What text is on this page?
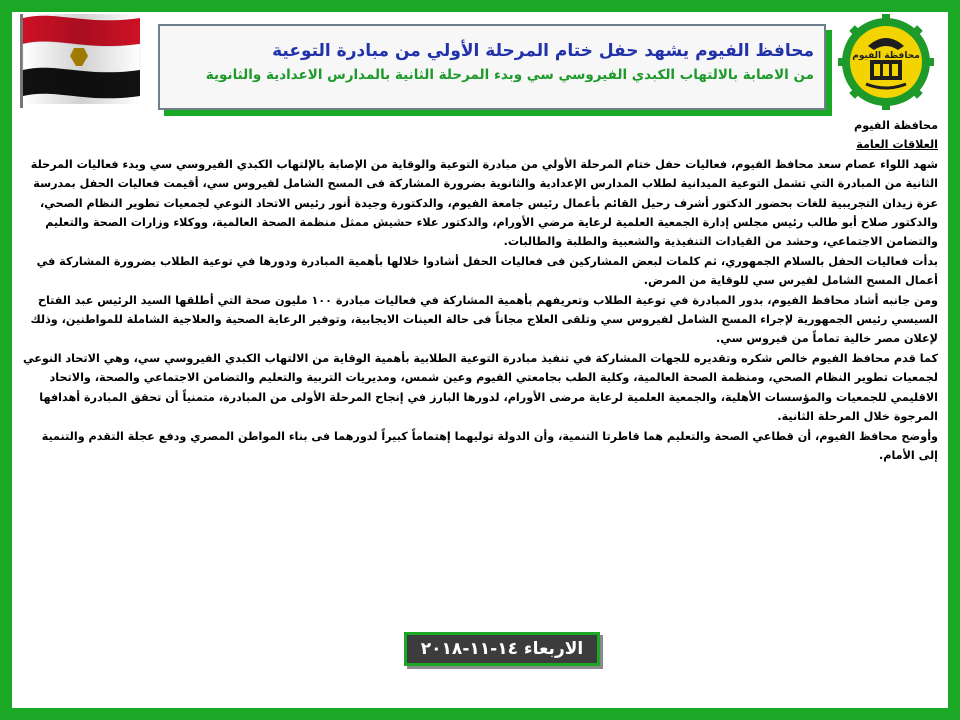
محافظ الفيوم يشهد حفل ختام المرحلة الأولي من مبادرة التوعية
من الاصابة بالالتهاب الكبدي الفيروسي سي وبدء المرحلة الثانية بالمدارس الاعدادية والثانوية
محافظة الفيوم

محافظة الفيوم

العلاقات العامة

شهد اللواء عصام سعد محافظ الفيوم، فعاليات حفل ختام المرحلة الأولي من مبادرة التوعية والوقاية من الإصابة بالإلتهاب الكبدي الفيروسي سي وبدء فعاليات المرحلة الثانية من المبادرة التي تشمل التوعية الميدانية لطلاب المدارس الإعدادية والثانوية بضرورة المشاركة فى المسح الشامل لفيروس سي، أقيمت فعاليات الحفل بمدرسة عزة زيدان التجريبية للغات بحضور الدكتور أشرف رحيل القائم بأعمال رئيس جامعة الفيوم، والدكتورة وجيدة أنور رئيس الاتحاد النوعي لجمعيات تطوير النظام الصحي، والدكتور صلاح أبو طالب رئيس مجلس إدارة الجمعية العلمية لرعاية مرضي الأورام، والدكتور علاء حشيش ممثل منظمة الصحة العالمية، ووكلاء وزارات الصحة والتعليم والتضامن الاجتماعي، وحشد من القيادات التنفيذية والشعبية والطلبة والطالبات.

بدأت فعاليات الحفل بالسلام الجمهوري، ثم كلمات لبعض المشاركين فى فعاليات الحفل أشادوا خلالها بأهمية المبادرة ودورها في توعية الطلاب بضرورة المشاركة في أعمال المسح الشامل لفيرس سي للوقاية من المرض.

ومن جانبه أشاد محافظ الفيوم، بدور المبادرة في توعية الطلاب وتعريفهم بأهمية المشاركة في فعاليات مبادرة ١٠٠ مليون صحة التي أطلقها السيد الرئيس عبد الفتاح السيسي رئيس الجمهورية لإجراء المسح الشامل لفيروس سي وتلقى العلاج مجاناً فى حالة العينات الايجابية، وتوفير الرعاية الصحية والعلاجية الشاملة للمواطنين، وذلك لإعلان مصر خالية تماماً من فيروس سي.

كما قدم محافظ الفيوم خالص شكره وتقديره للجهات المشاركة في تنفيذ مبادرة التوعية الطلابية بأهمية الوقاية من الالتهاب الكبدي الفيروسي سي، وهي الاتحاد النوعي لجمعيات تطوير النظام الصحي، ومنظمة الصحة العالمية، وكلية الطب بجامعتي الفيوم وعين شمس، ومديريات التربية والتعليم والتضامن الاجتماعي والصحة، والاتحاد الاقليمي للجمعيات والمؤسسات الأهلية، والجمعية العلمية لرعاية مرضى الأورام، لدورها البارز في إنجاح المرحلة الأولى من المبادرة، متمنياً أن تحقق المبادرة أهدافها المرجوة خلال المرحلة الثانية.

وأوضح محافظ الفيوم، أن قطاعي الصحة والتعليم هما قاطرتا التنمية، وأن الدولة توليهما إهتماماً كبيراً لدورهما فى بناء المواطن المصري ودفع عجلة التقدم والتنمية إلى الأمام.

الاربعاء ١٤-١١-٢٠١٨
